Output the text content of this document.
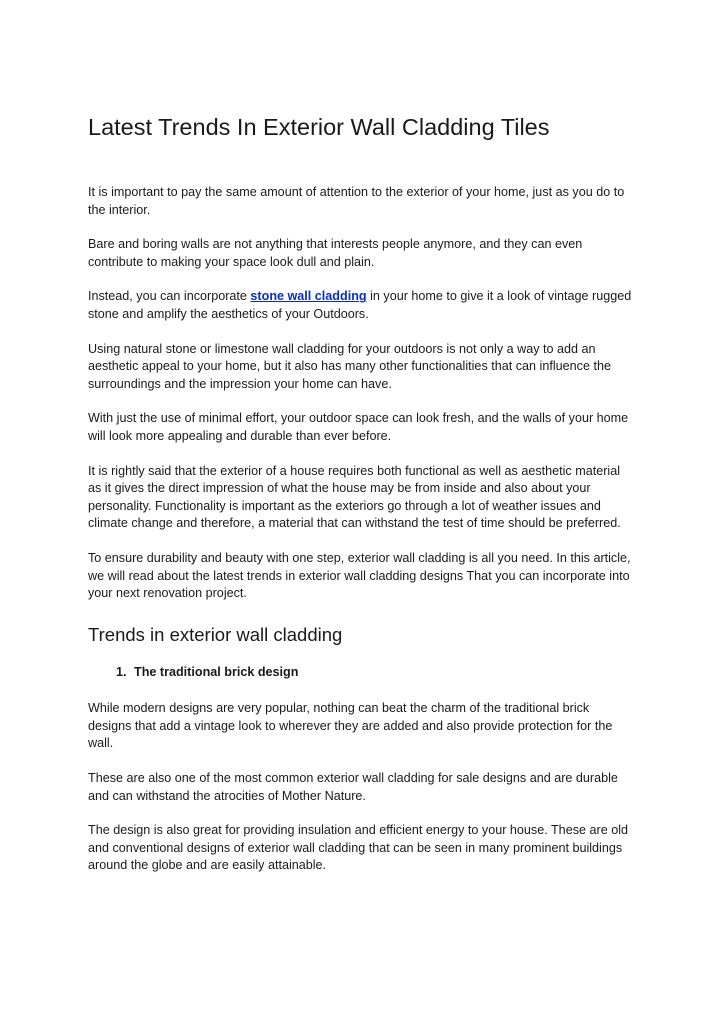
Latest Trends In Exterior Wall Cladding Tiles

It is important to pay the same amount of attention to the exterior of your home, just as you do to the interior.

Bare and boring walls are not anything that interests people anymore, and they can even contribute to making your space look dull and plain.

Instead, you can incorporate stone wall cladding in your home to give it a look of vintage rugged stone and amplify the aesthetics of your Outdoors.

Using natural stone or limestone wall cladding for your outdoors is not only a way to add an aesthetic appeal to your home, but it also has many other functionalities that can influence the surroundings and the impression your home can have.

With just the use of minimal effort, your outdoor space can look fresh, and the walls of your home will look more appealing and durable than ever before.

It is rightly said that the exterior of a house requires both functional as well as aesthetic material as it gives the direct impression of what the house may be from inside and also about your personality. Functionality is important as the exteriors go through a lot of weather issues and climate change and therefore, a material that can withstand the test of time should be preferred.

To ensure durability and beauty with one step, exterior wall cladding is all you need. In this article, we will read about the latest trends in exterior wall cladding designs That you can incorporate into your next renovation project.

Trends in exterior wall cladding
1. The traditional brick design

While modern designs are very popular, nothing can beat the charm of the traditional brick designs that add a vintage look to wherever they are added and also provide protection for the wall.

These are also one of the most common exterior wall cladding for sale designs and are durable and can withstand the atrocities of Mother Nature.

The design is also great for providing insulation and efficient energy to your house. These are old and conventional designs of exterior wall cladding that can be seen in many prominent buildings around the globe and are easily attainable.
